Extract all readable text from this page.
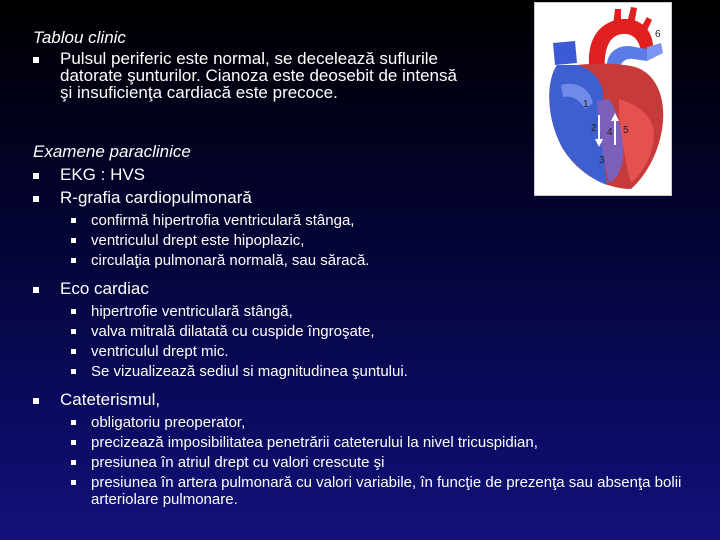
Tablou clinic
Pulsul periferic este normal, se decelează suflurile
datorate şunturilor. Cianoza este deosebit de intensă
şi insuficienţa cardiacă este precoce.
Examene paraclinice
EKG : HVS
R-grafia cardiopulmonară
confirmă hipertrofia ventriculară stânga,
ventriculul drept este hipoplazic,
circulaţia pulmonară normală, sau săracă.
Eco cardiac
hipertrofie ventriculară stângă,
valva mitrală dilatată cu cuspide îngroşate,
ventriculul drept mic.
Se vizualizează sediul si magnitudinea şuntului.
Cateterismul,
obligatoriu preoperator,
precizează imposibilitatea penetrării cateterului la nivel tricuspidian,
presiunea în atriul drept cu valori crescute şi
presiunea în artera pulmonară cu valori variabile, în funcţie de prezenţa sau absenţa bolii arteriolare pulmonare.
1
2
3
4 5
6
